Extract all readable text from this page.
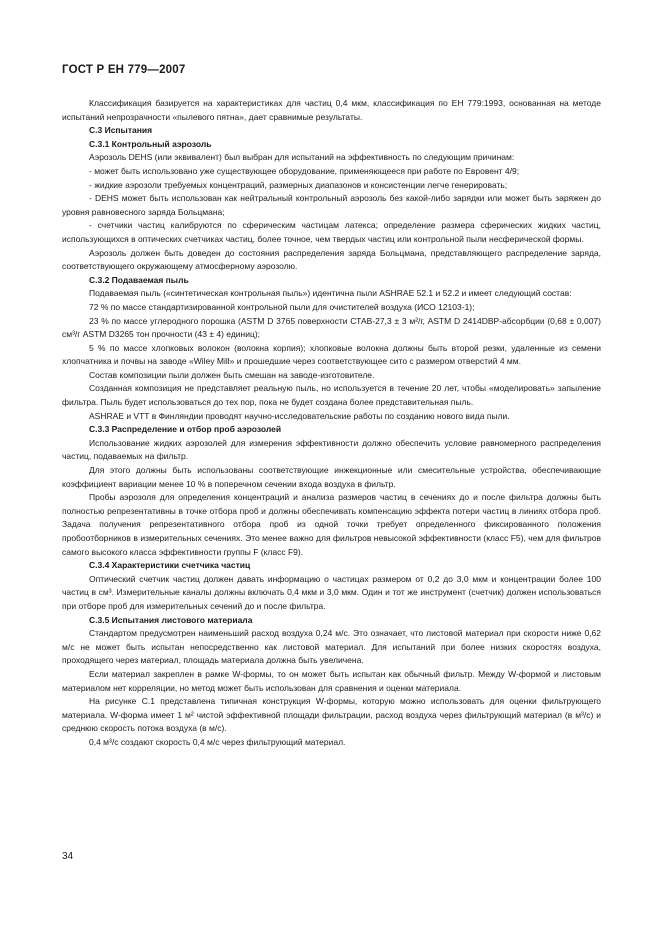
ГОСТ Р ЕН 779—2007

Классификация базируется на характеристиках для частиц 0,4 мкм, классификация по ЕН 779:1993, основанная на методе испытаний непрозрачности «пылевого пятна», дает сравнимые результаты.

С.3 Испытания

С.3.1 Контрольный аэрозоль

Аэрозоль DEHS (или эквивалент) был выбран для испытаний на эффективность по следующим причинам:

- может быть использовано уже существующее оборудование, применяющееся при работе по Евровент 4/9;

- жидкие аэрозоли требуемых концентраций, размерных диапазонов и консистенции легче генерировать;

- DEHS может быть использован как нейтральный контрольный аэрозоль без какой-либо зарядки или может быть заряжен до уровня равновесного заряда Больцмана;

- счетчики частиц калибруются по сферическим частицам латекса; определение размера сферических жидких частиц, использующихся в оптических счетчиках частиц, более точное, чем твердых частиц или контрольной пыли несферической формы.

Аэрозоль должен быть доведен до состояния распределения заряда Больцмана, представляющего распределение заряда, соответствующего окружающему атмосферному аэрозолю.

С.3.2 Подаваемая пыль

Подаваемая пыль («синтетическая контрольная пыль») идентична пыли ASHRAE 52.1 и 52.2 и имеет следующий состав:

72 % по массе стандартизированной контрольной пыли для очистителей воздуха (ИСО 12103-1);

23 % по массе углеродного порошка (ASTM D 3765 поверхности СТАВ-27,3 ± 3 м²/г, ASTM D 2414DBP-абсорбции (0,68 ± 0,007) см³/г ASTM D3265 тон прочности (43 ± 4) единиц);

5 % по массе хлопковых волокон (волокна корпия); хлопковые волокна должны быть второй резки, удаленные из семени хлопчатника и почвы на заводе «Wiley Mill» и прошедшие через соответствующее сито с размером отверстий 4 мм.

Состав композиции пыли должен быть смешан на заводе-изготовителе.

Созданная композиция не представляет реальную пыль, но используется в течение 20 лет, чтобы «моделировать» запыление фильтра. Пыль будет использоваться до тех пор, пока не будет создана более представительная пыль.

ASHRAE и VTT в Финляндии проводят научно-исследовательские работы по созданию нового вида пыли.

С.3.3 Распределение и отбор проб аэрозолей

Использование жидких аэрозолей для измерения эффективности должно обеспечить условие равномерного распределения частиц, подаваемых на фильтр.

Для этого должны быть использованы соответствующие инжекционные или смесительные устройства, обеспечивающие коэффициент вариации менее 10 % в поперечном сечении входа воздуха в фильтр.

Пробы аэрозоля для определения концентраций и анализа размеров частиц в сечениях до и после фильтра должны быть полностью репрезентативны в точке отбора проб и должны обеспечивать компенсацию эффекта потери частиц в линиях отбора проб. Задача получения репрезентативного отбора проб из одной точки требует определенного фиксированного положения пробоотборников в измерительных сечениях. Это менее важно для фильтров невысокой эффективности (класс F5), чем для фильтров самого высокого класса эффективности группы F (класс F9).

С.3.4 Характеристики счетчика частиц

Оптический счетчик частиц должен давать информацию о частицах размером от 0,2 до 3,0 мкм и концентрации более 100 частиц в см³. Измерительные каналы должны включать 0,4 мкм и 3,0 мкм. Один и тот же инструмент (счетчик) должен использоваться при отборе проб для измерительных сечений до и после фильтра.

С.3.5 Испытания листового материала

Стандартом предусмотрен наименьший расход воздуха 0,24 м/с. Это означает, что листовой материал при скорости ниже 0,62 м/с не может быть испытан непосредственно как листовой материал. Для испытаний при более низких скоростях воздуха, проходящего через материал, площадь материала должна быть увеличена.

Если материал закреплен в рамке W-формы, то он может быть испытан как обычный фильтр. Между W-формой и листовым материалом нет корреляции, но метод может быть использован для сравнения и оценки материала.

На рисунке С.1 представлена типичная конструкция W-формы, которую можно использовать для оценки фильтрующего материала. W-форма имеет 1 м² чистой эффективной площади фильтрации, расход воздуха через фильтрующий материал (в м³/с) и среднюю скорость потока воздуха (в м/с).

0,4 м³/с создают скорость 0,4 м/с через фильтрующий материал.

34
